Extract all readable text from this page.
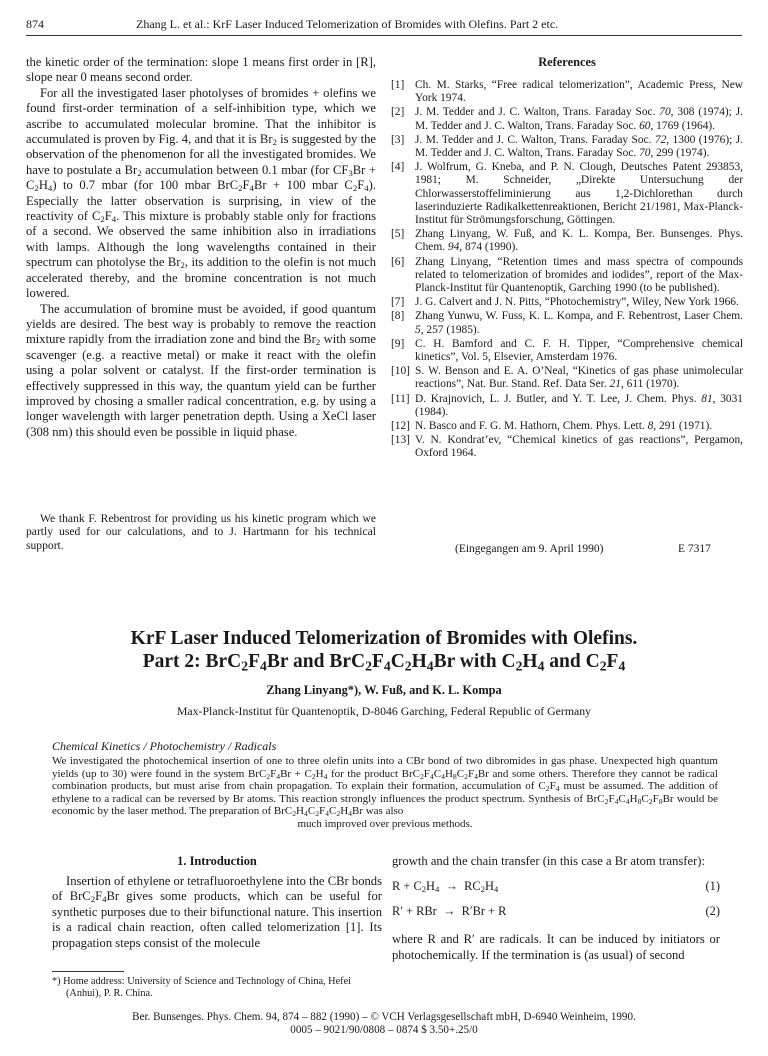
874	Zhang L. et al.: KrF Laser Induced Telomerization of Bromides with Olefins. Part 2 etc.

the kinetic order of the termination: slope 1 means first order in [R], slope near 0 means second order.

For all the investigated laser photolyses of bromides + olefins we found first-order termination of a self-inhibition type, which we ascribe to accumulated molecular bromine. That the inhibitor is accumulated is proven by Fig. 4, and that it is $Br_2$ is suggested by the observation of the phenomenon for all the investigated bromides. We have to postulate a $Br_2$ accumulation between 0.1 mbar (for $CF_3Br + C_2H_4$) to 0.7 mbar (for 100 mbar $BrC_2F_4Br + 100$ mbar $C_2F_4$). Especially the latter observation is surprising, in view of the reactivity of $C_2F_4$. This mixture is probably stable only for fractions of a second. We observed the same inhibition also in irradiations with lamps. Although the long wavelengths contained in their spectrum can photolyse the $Br_2$, its addition to the olefin is not much accelerated thereby, and the bromine concentration is not much lowered.

The accumulation of bromine must be avoided, if good quantum yields are desired. The best way is probably to remove the reaction mixture rapidly from the irradiation zone and bind the $Br_2$ with some scavenger (e.g. a reactive metal) or make it react with the olefin using a polar solvent or catalyst. If the first-order termination is effectively suppressed in this way, the quantum yield can be further improved by chosing a smaller radical concentration, e.g. by using a longer wavelength with larger penetration depth. Using a XeCl laser (308 nm) this should even be possible in liquid phase.

We thank F. Rebentrost for providing us his kinetic program which we partly used for our calculations, and to J. Hartmann for his technical support.
References
[1] Ch. M. Starks, “Free radical telomerization”, Academic Press, New York 1974.
[2] J. M. Tedder and J. C. Walton, Trans. Faraday Soc. 70, 308 (1974); J. M. Tedder and J. C. Walton, Trans. Faraday Soc. 60, 1769 (1964).
[3] J. M. Tedder and J. C. Walton, Trans. Faraday Soc. 72, 1300 (1976); J. M. Tedder and J. C. Walton, Trans. Faraday Soc. 70, 299 (1974).
[4] J. Wolfrum, G. Kneba, and P. N. Clough, Deutsches Patent 293853, 1981; M. Schneider, „Direkte Untersuchung der Chlorwasserstoffeliminierung aus 1,2-Dichlorethan durch laserinduzierte Radikalkettenreaktionen, Bericht 21/1981, Max-Planck-Institut für Strömungsforschung, Göttingen.
[5] Zhang Linyang, W. Fuß, and K. L. Kompa, Ber. Bunsenges. Phys. Chem. 94, 874 (1990).
[6] Zhang Linyang, “Retention times and mass spectra of compounds related to telomerization of bromides and iodides”, report of the Max-Planck-Institut für Quantenoptik, Garching 1990 (to be published).
[7] J. G. Calvert and J. N. Pitts, “Photochemistry”, Wiley, New York 1966.
[8] Zhang Yunwu, W. Fuss, K. L. Kompa, and F. Rebentrost, Laser Chem. 5, 257 (1985).
[9] C. H. Bamford and C. F. H. Tipper, “Comprehensive chemical kinetics”, Vol. 5, Elsevier, Amsterdam 1976.
[10] S. W. Benson and E. A. O’Neal, “Kinetics of gas phase unimolecular reactions”, Nat. Bur. Stand. Ref. Data Ser. 21, 611 (1970).
[11] D. Krajnovich, L. J. Butler, and Y. T. Lee, J. Chem. Phys. 81, 3031 (1984).
[12] N. Basco and F. G. M. Hathorn, Chem. Phys. Lett. 8, 291 (1971).
[13] V. N. Kondrat’ev, “Chemical kinetics of gas reactions”, Pergamon, Oxford 1964.
(Eingegangen am 9. April 1990)	E 7317
KrF Laser Induced Telomerization of Bromides with Olefins.
Part 2: $BrC_2F_4Br$ and $BrC_2F_4C_2H_4Br$ with $C_2H_4$ and $C_2F_4$
Zhang Linyang*), W. Fuß, and K. L. Kompa
Max-Planck-Institut für Quantenoptik, D-8046 Garching, Federal Republic of Germany
Chemical Kinetics / Photochemistry / Radicals
We investigated the photochemical insertion of one to three olefin units into a CBr bond of two dibromides in gas phase. Unexpected high quantum yields (up to 30) were found in the system $BrC_2F_4Br + C_2H_4$ for the product $BrC_2F_4C_4H_8C_2F_4Br$ and some others. Therefore they cannot be radical combination products, but must arise from chain propagation. To explain their formation, accumulation of $C_2F_4$ must be assumed. The addition of ethylene to a radical can be reversed by Br atoms. This reaction strongly influences the product spectrum. Synthesis of $BrC_2F_4C_4H_8C_2F_8Br$ would be economic by the laser method. The preparation of $BrC_2H_4C_2F_4C_2H_4Br$ was also
much improved over previous methods.
1. Introduction

Insertion of ethylene or tetrafluoroethylene into the CBr bonds of $BrC_2F_4Br$ gives some products, which can be useful for synthetic purposes due to their bifunctional nature. This insertion is a radical chain reaction, often called telomerization [1]. Its propagation steps consist of the molecule

growth and the chain transfer (in this case a Br atom transfer):

$R + C_2H_4 \to RC_2H_4$	(1)
R′ + RBr  →  R′Br + R	(2)

where R and R′ are radicals. It can be induced by initiators or photochemically. If the termination is (as usual) of second

*) Home address: University of Science and Technology of China, Hefei (Anhui), P. R. China.
Ber. Bunsenges. Phys. Chem. 94, 874 – 882 (1990) – © VCH Verlagsgesellschaft mbH, D-6940 Weinheim, 1990.
0005 – 9021/90/0808 – 0874 $ 3.50+.25/0
